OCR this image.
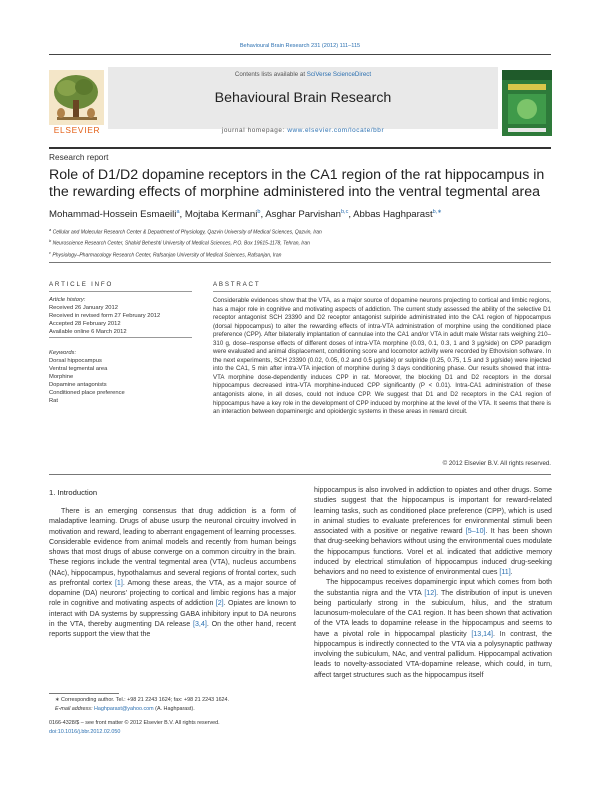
Behavioural Brain Research 231 (2012) 111–115
ELSEVIER
Contents lists available at SciVerse ScienceDirect
Behavioural Brain Research
journal homepage: www.elsevier.com/locate/bbr
Research report
Role of D1/D2 dopamine receptors in the CA1 region of the rat hippocampus in the rewarding effects of morphine administered into the ventral tegmental area
Mohammad-Hossein Esmaeili$^a$, Mojtaba Kermani$^b$, Asghar Parvishan$^{b,c}$, Abbas Haghparast$^{b,∗}$
$^a$ Cellular and Molecular Research Center & Department of Physiology, Qazvin University of Medical Sciences, Qazvin, Iran
$^b$ Neuroscience Research Center, Shahid Beheshti University of Medical Sciences, P.O. Box 19615-1178, Tehran, Iran
$^c$ Physiology–Pharmacology Research Center, Rafsanjan University of Medical Sciences, Rafsanjan, Iran
ARTICLE INFO
Article history:
Received 26 January 2012
Received in revised form 27 February 2012
Accepted 28 February 2012
Available online 6 March 2012
Keywords:
Dorsal hippocampus
Ventral tegmental area
Morphine
Dopamine antagonists
Conditioned place preference
Rat
ABSTRACT
Considerable evidences show that the VTA, as a major source of dopamine neurons projecting to cortical and limbic regions, has a major role in cognitive and motivating aspects of addiction. The current study assessed the ability of the selective D1 receptor antagonist SCH 23390 and D2 receptor antagonist sulpiride administrated into the CA1 region of hippocampus (dorsal hippocampus) to alter the rewarding effects of intra-VTA administration of morphine using the conditioned place preference (CPP). After bilaterally implantation of cannulae into the CA1 and/or VTA in adult male Wistar rats weighing 210–310 g, dose–response effects of different doses of intra-VTA morphine (0.03, 0.1, 0.3, 1 and 3 μg/side) on CPP paradigm were evaluated and animal displacement, conditioning score and locomotor activity were recorded by Ethovision software. In the next experiments, SCH 23390 (0.02, 0.05, 0.2 and 0.5 μg/side) or sulpiride (0.25, 0.75, 1.5 and 3 μg/side) were injected into the CA1, 5 min after intra-VTA injection of morphine during 3 days conditioning phase. Our results showed that intra-VTA morphine dose-dependently induces CPP in rat. Moreover, the blocking D1 and D2 receptors in the dorsal hippocampus decreased intra-VTA morphine-induced CPP significantly (P < 0.01). Intra-CA1 administration of these antagonists alone, in all doses, could not induce CPP. We suggest that D1 and D2 receptors in the CA1 region of hippocampus have a key role in the development of CPP induced by morphine at the level of the VTA. It seems that there is an interaction between dopaminergic and opioidergic systems in these areas in reward circuit.
© 2012 Elsevier B.V. All rights reserved.
1. Introduction
There is an emerging consensus that drug addiction is a form of maladaptive learning. Drugs of abuse usurp the neuronal circuitry involved in motivation and reward, leading to aberrant engagement of learning processes. Considerable evidence from animal models and recently from human beings shows that most drugs of abuse converge on a common circuitry in the brain. These regions include the ventral tegmental area (VTA), nucleus accumbens (NAc), hippocampus, hypothalamus and several regions of frontal cortex, such as prefrontal cortex [1]. Among these areas, the VTA, as a major source of dopamine (DA) neurons' projecting to cortical and limbic regions has a major role in cognitive and motivating aspects of addiction [2]. Opiates are known to interact with DA systems by suppressing GABA inhibitory input to DA neurons in the VTA, thereby augmenting DA release [3,4]. On the other hand, recent reports support the view that the
hippocampus is also involved in addiction to opiates and other drugs. Some studies suggest that the hippocampus is important for reward-related learning tasks, such as conditioned place preference (CPP), which is used in animal studies to evaluate preferences for environmental stimuli been associated with a positive or negative reward [5–10]. It has been shown that drug-seeking behaviors without using the environmental cues modulate the hippocampus functions. Vorel et al. indicated that addictive memory induced by electrical stimulation of hippocampus induced drug-seeking behaviors and no need to existence of environmental cues [11].
The hippocampus receives dopaminergic input which comes from both the substantia nigra and the VTA [12]. The distribution of input is uneven being particularly strong in the subiculum, hilus, and the stratum lacunosum-moleculare of the CA1 region. It has been shown that activation of the VTA leads to dopamine release in the hippocampus and seems to have a pivotal role in hippocampal plasticity [13,14]. In contrast, the hippocampus is indirectly connected to the VTA via a polysynaptic pathway involving the subiculum, NAc, and ventral pallidum. Hippocampal activation leads to novelty-associated VTA-dopamine release, which could, in turn, affect target structures such as the hippocampus itself
∗ Corresponding author. Tel.: +98 21 2243 1624; fax: +98 21 2243 1624.
E-mail address: Haghparast@yahoo.com (A. Haghparast).
0166-4328/$ – see front matter © 2012 Elsevier B.V. All rights reserved.
doi:10.1016/j.bbr.2012.02.050
